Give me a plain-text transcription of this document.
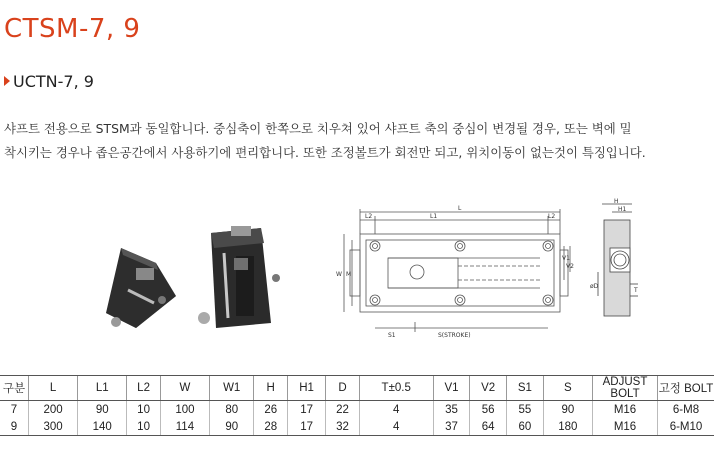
CTSM-7, 9
UCTN-7, 9
샤프트 전용으로 STSM과 동일합니다. 중심축이 한쪽으로 치우쳐 있어 샤프트 축의 중심이 변경될 경우, 또는 벽에 밀
착시키는 경우나 좁은공간에서 사용하기에 편리합니다. 또한 조정볼트가 회전만 되고, 위치이동이 없는것이 특징입니다.
L
L2	L1	L2
W M
V1
V2
S1	S(STROKE)
H
H1
øD
T
구분	L	L1	L2	W	W1	H	H1	D	T±0.5	V1	V2	S1	S	ADJUST BOLT	고정 BOLT
7	200	90	10	100	80	26	17	22	4	35	56	55	90	M16	6-M8
9	300	140	10	114	90	28	17	32	4	37	64	60	180	M16	6-M10
